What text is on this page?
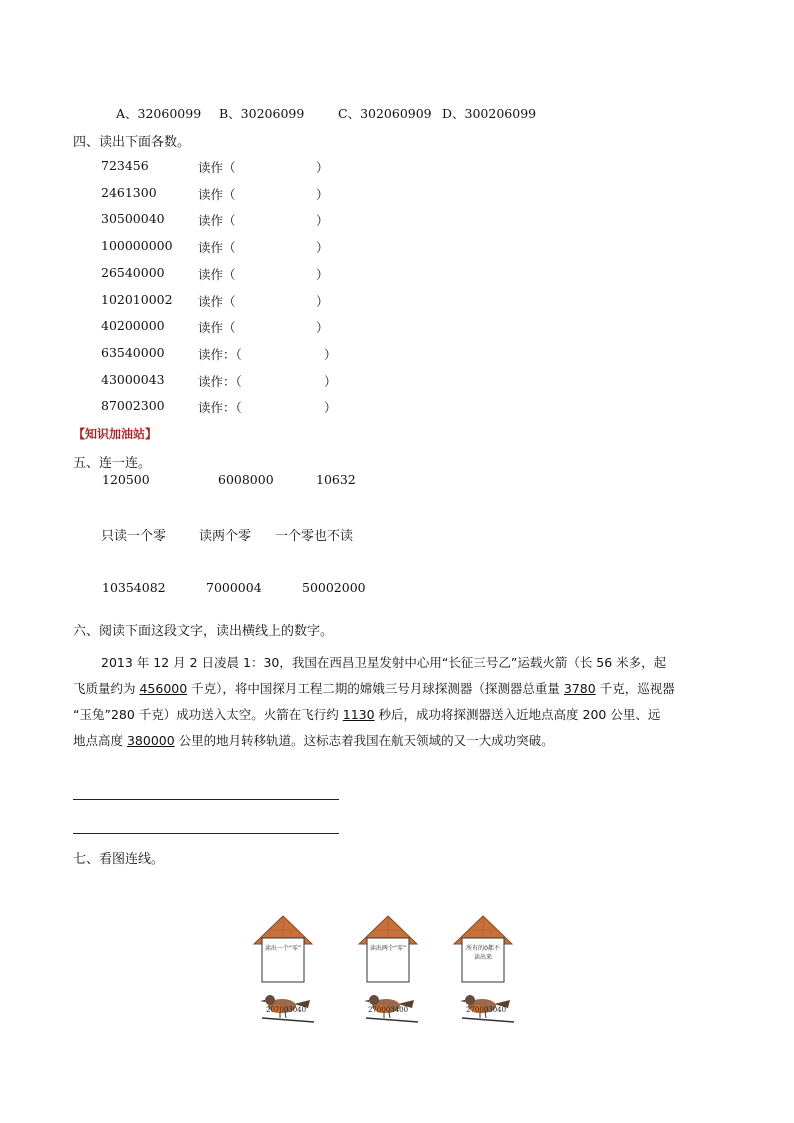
A、32060099 B、30206099	C、302060909 D、300206099
四、读出下面各数。
723456	读作（	）
2461300	读作（	）
30500040	读作（	）
100000000 读作（	）
26540000	读作（	）
102010002 读作（	）
40200000	读作（	）
63540000	读作：（	）
43000043	读作：（	）
87002300	读作：（	）
【知识加油站】
五、连一连。
120500	6008000	10632
只读一个零	读两个零 一个零也不读
10354082	7000004	50002000
六、阅读下面这段文字，读出横线上的数字。
2013 年 12 月 2 日凌晨 1：30，我国在西昌卫星发射中心用“长征三号乙”运载火箭（长 56 米多，起
飞质量约为 456000 千克），将中国探月工程二期的嫦娥三号月球探测器（探测器总重量 3780 千克，巡视器
“玉兔”280 千克）成功送入太空。火箭在飞行约 1130 秒后，成功将探测器送入近地点高度 200 公里、远
地点高度 380000 公里的地月转移轨道。这标志着我国在航天领域的又一大成功突破。
七、看图连线。
读出一个“零”	读出两个“零”	所有的0都不读出来
207003040	270003400	270003040
